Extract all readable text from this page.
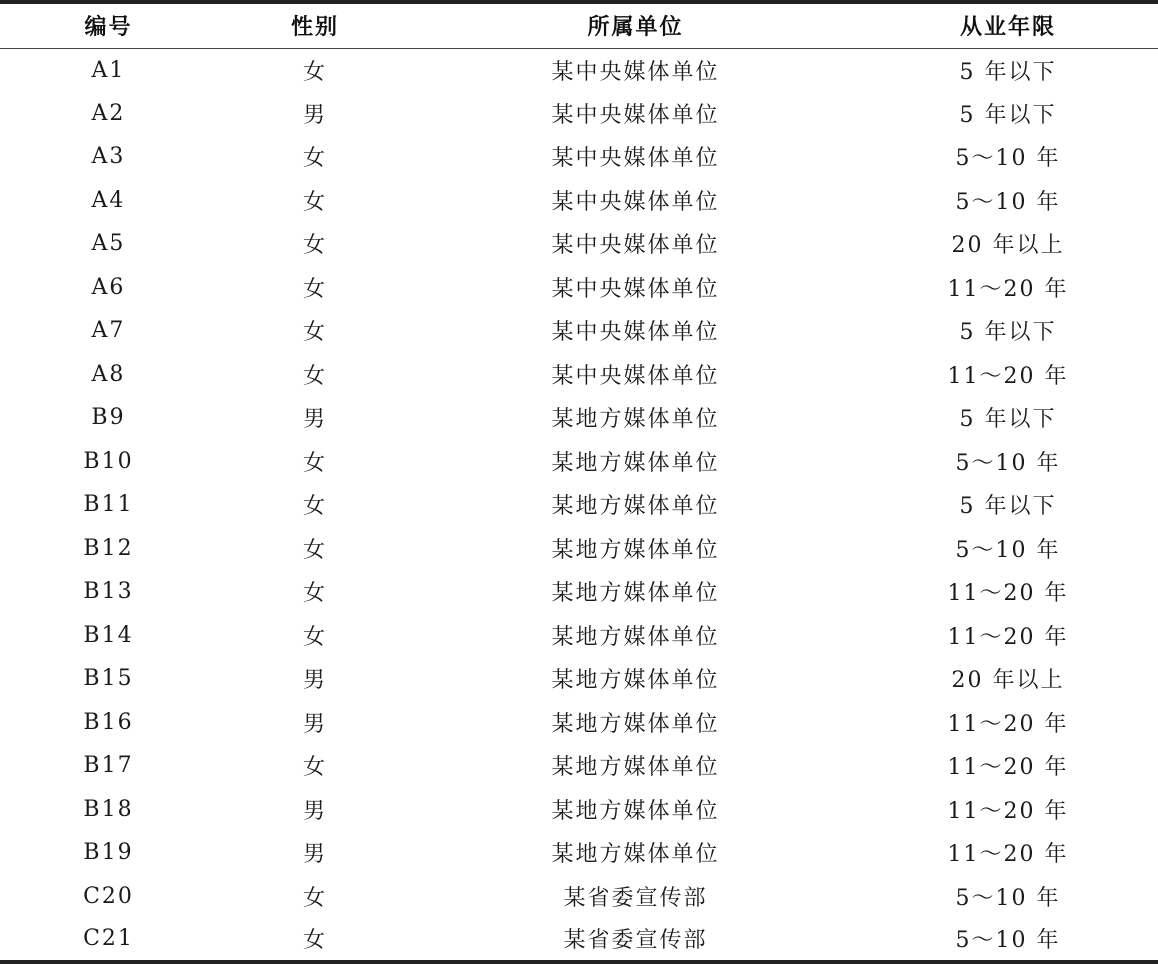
编号	性别	所属单位	从业年限
A1	女	某中央媒体单位	5 年以下
A2	男	某中央媒体单位	5 年以下
A3	女	某中央媒体单位	5～10 年
A4	女	某中央媒体单位	5～10 年
A5	女	某中央媒体单位	20 年以上
A6	女	某中央媒体单位	11～20 年
A7	女	某中央媒体单位	5 年以下
A8	女	某中央媒体单位	11～20 年
B9	男	某地方媒体单位	5 年以下
B10	女	某地方媒体单位	5～10 年
B11	女	某地方媒体单位	5 年以下
B12	女	某地方媒体单位	5～10 年
B13	女	某地方媒体单位	11～20 年
B14	女	某地方媒体单位	11～20 年
B15	男	某地方媒体单位	20 年以上
B16	男	某地方媒体单位	11～20 年
B17	女	某地方媒体单位	11～20 年
B18	男	某地方媒体单位	11～20 年
B19	男	某地方媒体单位	11～20 年
C20	女	某省委宣传部	5～10 年
C21	女	某省委宣传部	5～10 年
